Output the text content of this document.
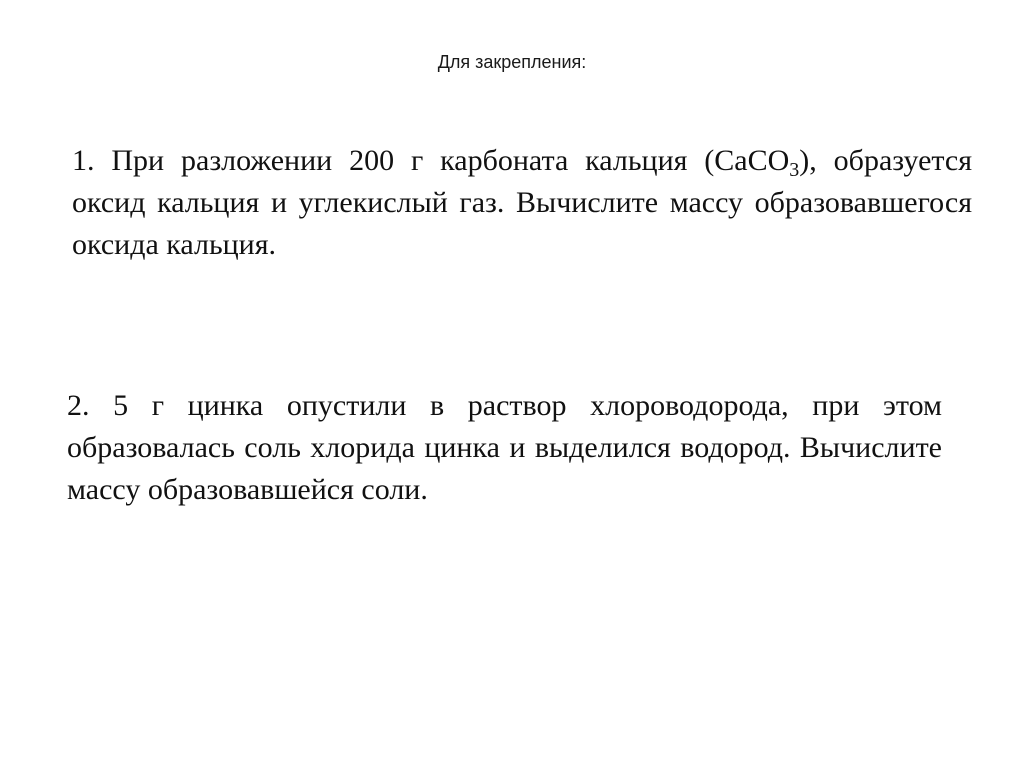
Для закрепления:

1. При разложении 200 г карбоната кальция (CaCO$_3$), образуется оксид кальция и углекислый газ. Вычислите массу образовавшегося оксида кальция.

2. 5 г цинка опустили в раствор хлороводорода, при этом образовалась соль хлорида цинка и выделился водород. Вычислите массу образовавшейся соли.
